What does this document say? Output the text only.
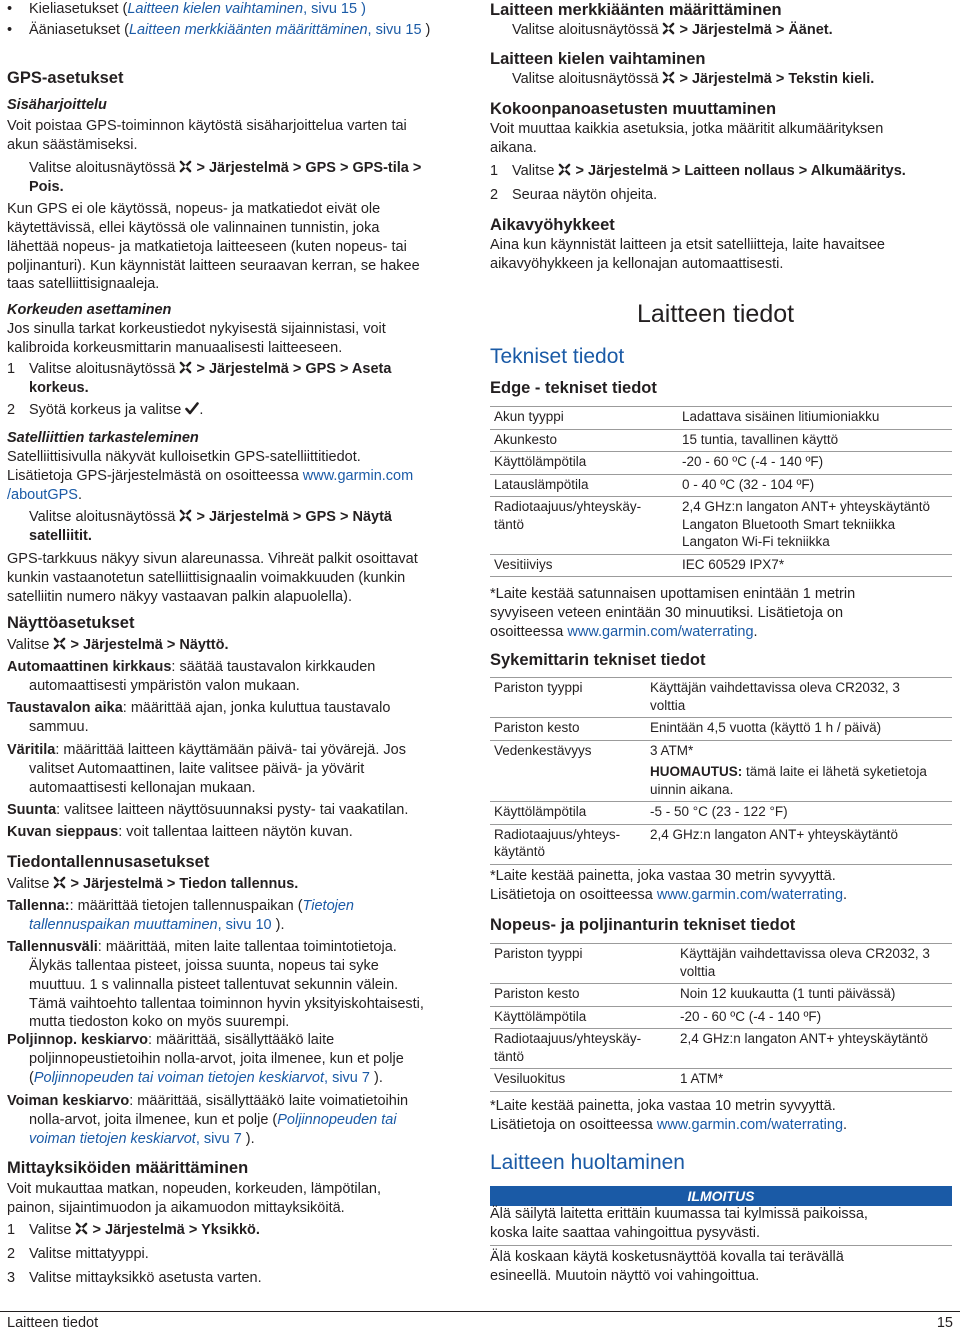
•	Kieliasetukset (Laitteen kielen vaihtaminen, sivu 15 )
•	Ääniasetukset (Laitteen merkkiäänten määrittäminen, sivu 15 )
GPS-asetukset
Sisäharjoittelu
Voit poistaa GPS-toiminnon käytöstä sisäharjoittelua varten tai
akun säästämiseksi.
Valitse aloitusnäytössä > Järjestelmä > GPS > GPS-tila >
Pois.
Kun GPS ei ole käytössä, nopeus- ja matkatiedot eivät ole
käytettävissä, ellei käytössä ole valinnainen tunnistin, joka
lähettää nopeus- ja matkatietoja laitteeseen (kuten nopeus- tai
poljinanturi). Kun käynnistät laitteen seuraavan kerran, se hakee
taas satelliittisignaaleja.
Korkeuden asettaminen
Jos sinulla tarkat korkeustiedot nykyisestä sijainnistasi, voit
kalibroida korkeusmittarin manuaalisesti laitteeseen.
1 Valitse aloitusnäytössä > Järjestelmä > GPS > Aseta
korkeus.
2 Syötä korkeus ja valitse .
Satelliittien tarkasteleminen
Satelliittisivulla näkyvät kulloisetkin GPS-satelliittitiedot.
Lisätietoja GPS-järjestelmästä on osoitteessa www.garmin.com
/aboutGPS.
Valitse aloitusnäytössä > Järjestelmä > GPS > Näytä
satelliitit.
GPS-tarkkuus näkyy sivun alareunassa. Vihreät palkit osoittavat
kunkin vastaanotetun satelliittisignaalin voimakkuuden (kunkin
satelliitin numero näkyy vastaavan palkin alapuolella).
Näyttöasetukset
Valitse > Järjestelmä > Näyttö.
Automaattinen kirkkaus: säätää taustavalon kirkkauden
automaattisesti ympäristön valon mukaan.
Taustavalon aika: määrittää ajan, jonka kuluttua taustavalo
sammuu.
Väritila: määrittää laitteen käyttämään päivä- tai yövärejä. Jos
valitset Automaattinen, laite valitsee päivä- ja yövärit
automaattisesti kellonajan mukaan.
Suunta: valitsee laitteen näyttösuunnaksi pysty- tai vaakatilan.
Kuvan sieppaus: voit tallentaa laitteen näytön kuvan.
Tiedontallennusasetukset
Valitse > Järjestelmä > Tiedon tallennus.
Tallenna:: määrittää tietojen tallennuspaikan (Tietojen
tallennuspaikan muuttaminen, sivu 10 ).
Tallennusväli: määrittää, miten laite tallentaa toimintotietoja.
Älykäs tallentaa pisteet, joissa suunta, nopeus tai syke
muuttuu. 1 s valinnalla pisteet tallentuvat sekunnin välein.
Tämä vaihtoehto tallentaa toiminnon hyvin yksityiskohtaisesti,
mutta tiedoston koko on myös suurempi.
Poljinnop. keskiarvo: määrittää, sisällyttääkö laite
poljinnopeustietoihin nolla-arvot, joita ilmenee, kun et polje
(Poljinnopeuden tai voiman tietojen keskiarvot, sivu 7 ).
Voiman keskiarvo: määrittää, sisällyttääkö laite voimatietoihin
nolla-arvot, joita ilmenee, kun et polje (Poljinnopeuden tai
voiman tietojen keskiarvot, sivu 7 ).
Mittayksiköiden määrittäminen
Voit mukauttaa matkan, nopeuden, korkeuden, lämpötilan,
painon, sijaintimuodon ja aikamuodon mittayksiköitä.
1 Valitse > Järjestelmä > Yksikkö.
2 Valitse mittatyyppi.
3 Valitse mittayksikkö asetusta varten.
Laitteen merkkiäänten määrittäminen
Valitse aloitusnäytössä > Järjestelmä > Äänet.
Laitteen kielen vaihtaminen
Valitse aloitusnäytössä > Järjestelmä > Tekstin kieli.
Kokoonpanoasetusten muuttaminen
Voit muuttaa kaikkia asetuksia, jotka määritit alkumäärityksen
aikana.
1 Valitse > Järjestelmä > Laitteen nollaus > Alkumääritys.
2 Seuraa näytön ohjeita.
Aikavyöhykkeet
Aina kun käynnistät laitteen ja etsit satelliitteja, laite havaitsee
aikavyöhykkeen ja kellonajan automaattisesti.
Laitteen tiedot
Tekniset tiedot
Edge - tekniset tiedot
Akun tyyppi	Ladattava sisäinen litiumioniakku
Akunkesto	15 tuntia, tavallinen käyttö
Käyttölämpötila	-20 - 60 ºC (-4 - 140 ºF)
Latauslämpötila	0 - 40 ºC (32 - 104 ºF)
Radiotaajuus/yhteyskäy-
täntö	2,4 GHz:n langaton ANT+ yhteyskäytäntö
Langaton Bluetooth Smart tekniikka
Langaton Wi-Fi tekniikka
Vesitiiviys	IEC 60529 IPX7*
*Laite kestää satunnaisen upottamisen enintään 1 metrin
syvyiseen veteen enintään 30 minuutiksi. Lisätietoja on
osoitteessa www.garmin.com/waterrating.
Sykemittarin tekniset tiedot
Pariston tyyppi	Käyttäjän vaihdettavissa oleva CR2032, 3
volttia
Pariston kesto	Enintään 4,5 vuotta (käyttö 1 h / päivä)
Vedenkestävyys	3 ATM*
	HUOMAUTUS: tämä laite ei lähetä syketietoja uinnin aikana.
Käyttölämpötila	-5 - 50 °C (23 - 122 °F)
Radiotaajuus/yhteys-
käytäntö	2,4 GHz:n langaton ANT+ yhteyskäytäntö
*Laite kestää painetta, joka vastaa 30 metrin syvyyttä.
Lisätietoja on osoitteessa www.garmin.com/waterrating.
Nopeus- ja poljinanturin tekniset tiedot
Pariston tyyppi	Käyttäjän vaihdettavissa oleva CR2032, 3
volttia
Pariston kesto	Noin 12 kuukautta (1 tunti päivässä)
Käyttölämpötila	-20 - 60 ºC (-4 - 140 ºF)
Radiotaajuus/yhteyskäy-
täntö	2,4 GHz:n langaton ANT+ yhteyskäytäntö
Vesiluokitus	1 ATM*
*Laite kestää painetta, joka vastaa 10 metrin syvyyttä.
Lisätietoja on osoitteessa www.garmin.com/waterrating.
Laitteen huoltaminen
ILMOITUS
Älä säilytä laitetta erittäin kuumassa tai kylmissä paikoissa,
koska laite saattaa vahingoittua pysyvästi.
Älä koskaan käytä kosketusnäyttöä kovalla tai terävällä
esineellä. Muutoin näyttö voi vahingoittua.
Laitteen tiedot	15
